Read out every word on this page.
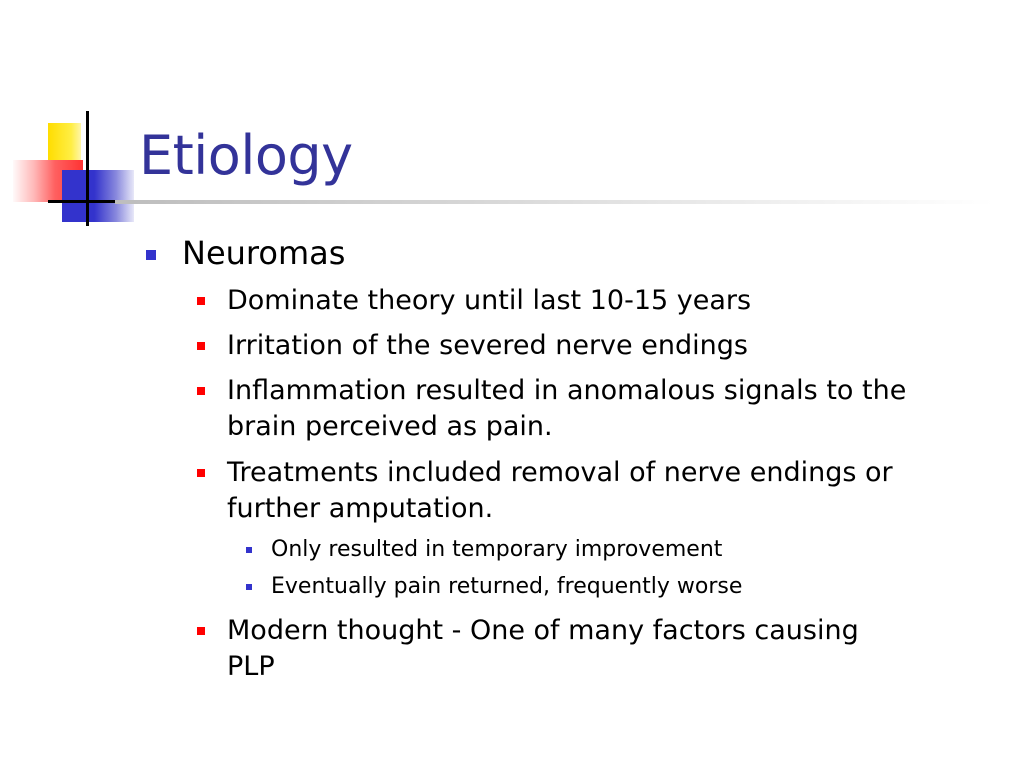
Etiology
Neuromas
Dominate theory until last 10-15 years
Irritation of the severed nerve endings
Inflammation resulted in anomalous signals to the
brain perceived as pain.
Treatments included removal of nerve endings or
further amputation.
Only resulted in temporary improvement
Eventually pain returned, frequently worse
Modern thought - One of many factors causing
PLP
